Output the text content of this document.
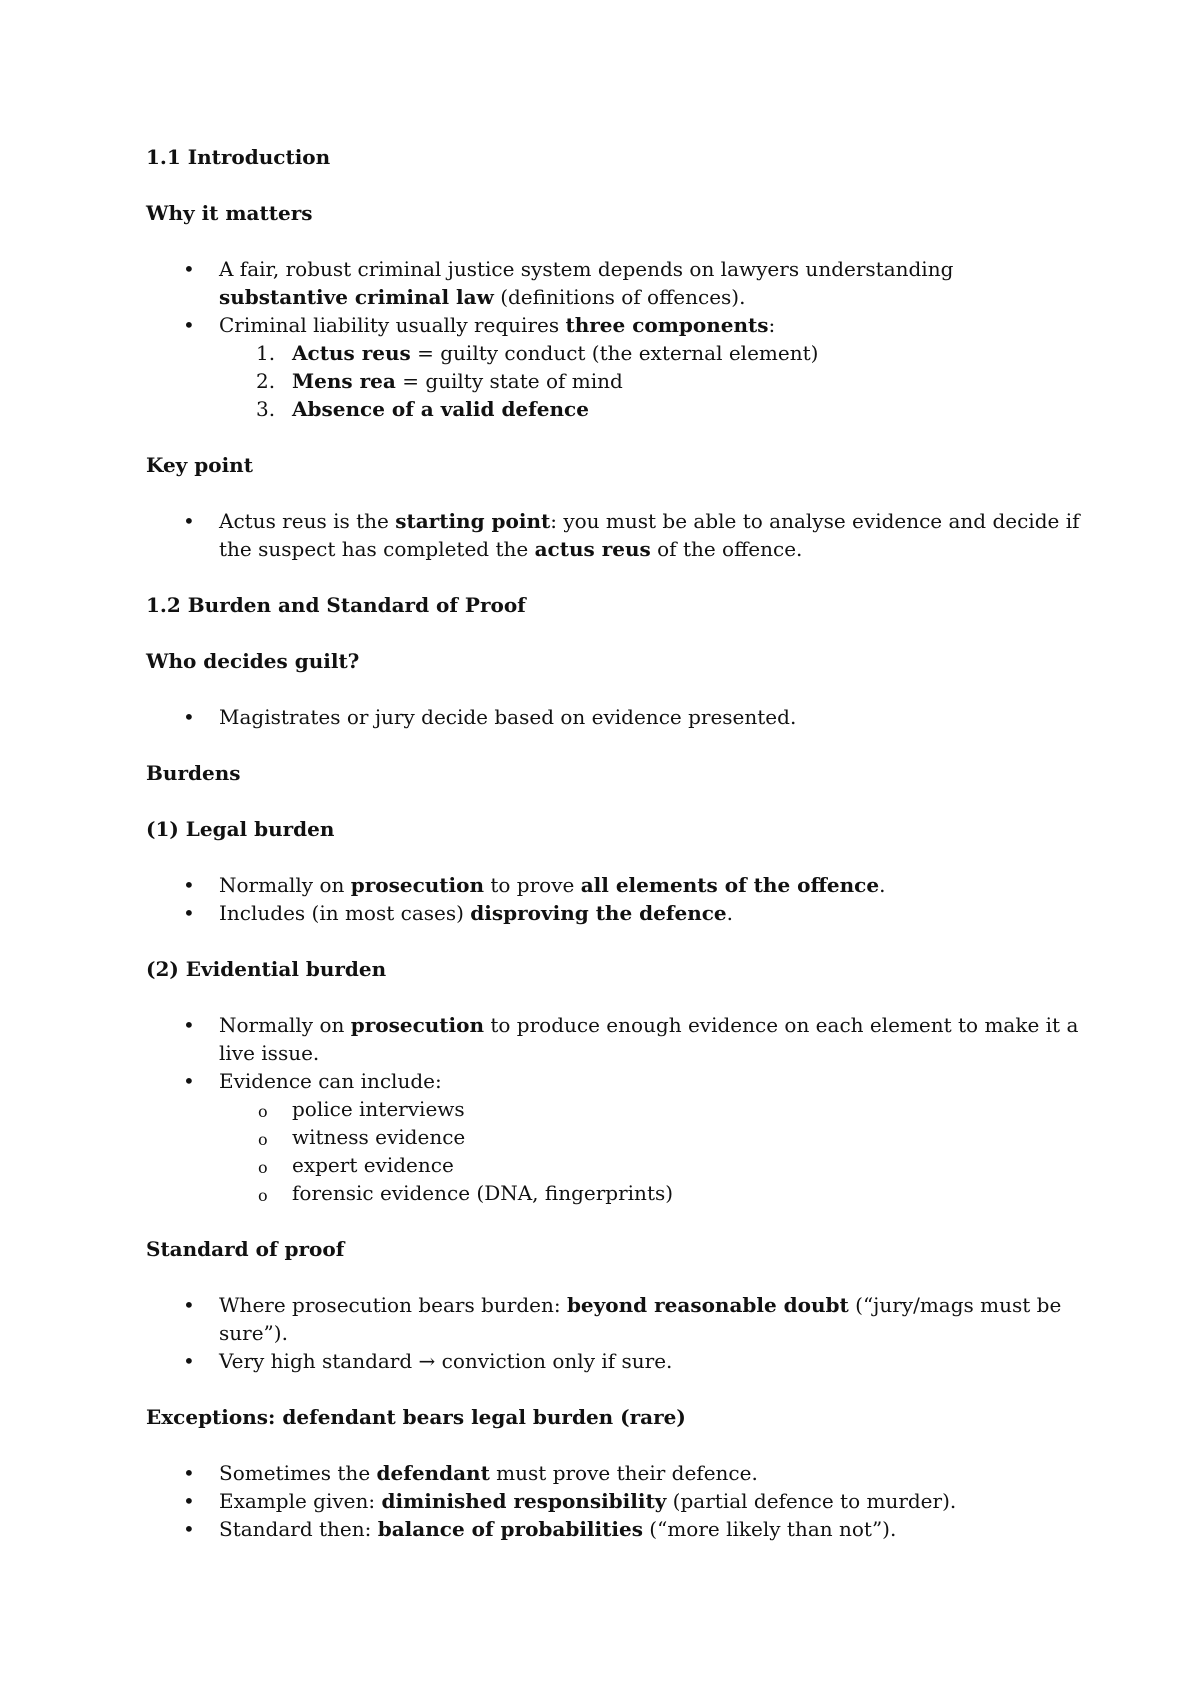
1.1 Introduction

Why it matters

• A fair, robust criminal justice system depends on lawyers understanding substantive criminal law (definitions of offences).
• Criminal liability usually requires three components:
1. Actus reus = guilty conduct (the external element)
2. Mens rea = guilty state of mind
3. Absence of a valid defence

Key point

• Actus reus is the starting point: you must be able to analyse evidence and decide if the suspect has completed the actus reus of the offence.

1.2 Burden and Standard of Proof

Who decides guilt?

• Magistrates or jury decide based on evidence presented.

Burdens

(1) Legal burden

• Normally on prosecution to prove all elements of the offence.
• Includes (in most cases) disproving the defence.

(2) Evidential burden

• Normally on prosecution to produce enough evidence on each element to make it a live issue.
• Evidence can include:
o police interviews
o witness evidence
o expert evidence
o forensic evidence (DNA, fingerprints)

Standard of proof

• Where prosecution bears burden: beyond reasonable doubt (“jury/mags must be sure”).
• Very high standard → conviction only if sure.

Exceptions: defendant bears legal burden (rare)

• Sometimes the defendant must prove their defence.
• Example given: diminished responsibility (partial defence to murder).
• Standard then: balance of probabilities (“more likely than not”).
